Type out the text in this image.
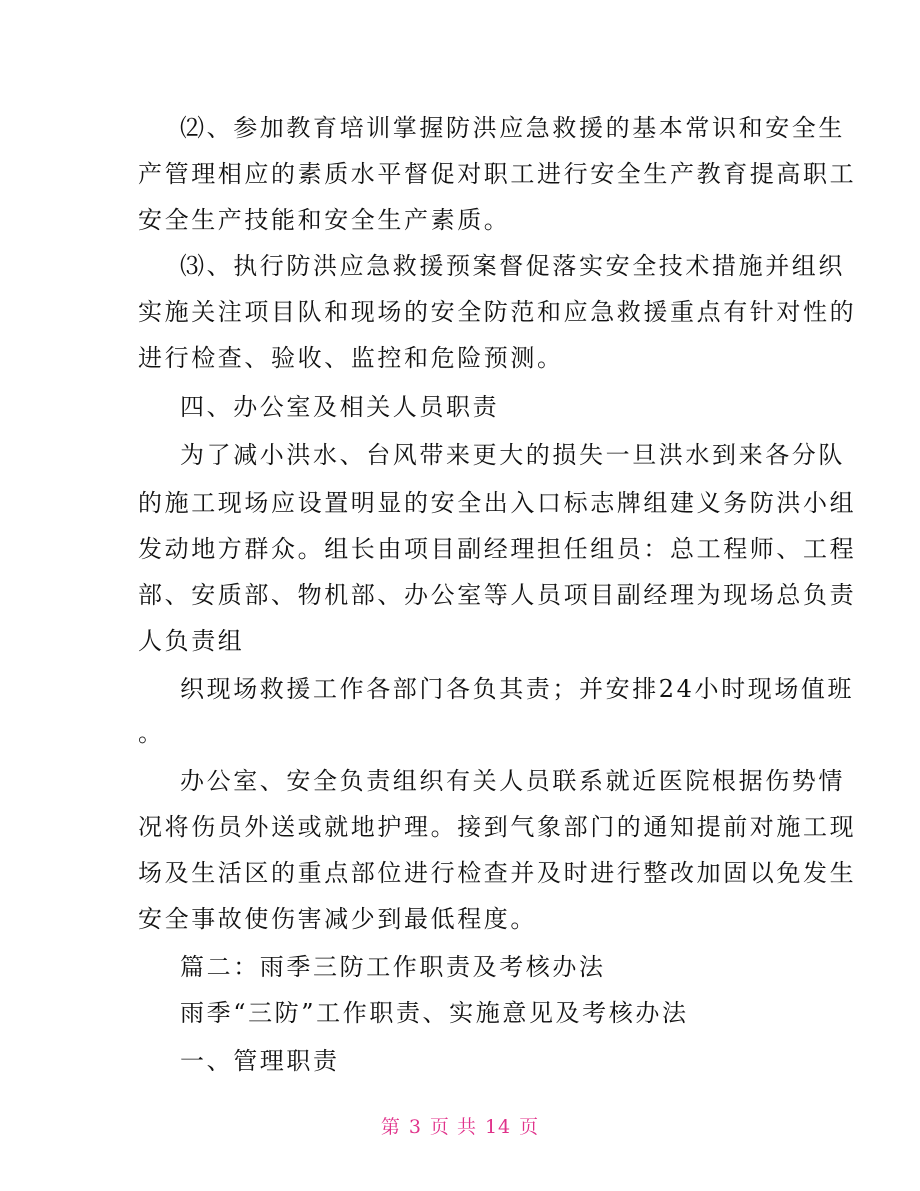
⑵、参加教育培训掌握防洪应急救援的基本常识和安全生
产管理相应的素质水平督促对职工进行安全生产教育提高职工
安全生产技能和安全生产素质。
⑶、执行防洪应急救援预案督促落实安全技术措施并组织
实施关注项目队和现场的安全防范和应急救援重点有针对性的
进行检查、验收、监控和危险预测。
四、办公室及相关人员职责
为了减小洪水、台风带来更大的损失一旦洪水到来各分队
的施工现场应设置明显的安全出入口标志牌组建义务防洪小组
发动地方群众。组长由项目副经理担任组员：总工程师、工程
部、安质部、物机部、办公室等人员项目副经理为现场总负责
人负责组
织现场救援工作各部门各负其责；并安排24小时现场值班
。
办公室、安全负责组织有关人员联系就近医院根据伤势情
况将伤员外送或就地护理。接到气象部门的通知提前对施工现
场及生活区的重点部位进行检查并及时进行整改加固以免发生
安全事故使伤害减少到最低程度。
篇二：雨季三防工作职责及考核办法
雨季“三防”工作职责、实施意见及考核办法
一、管理职责
第 3 页 共 14 页
